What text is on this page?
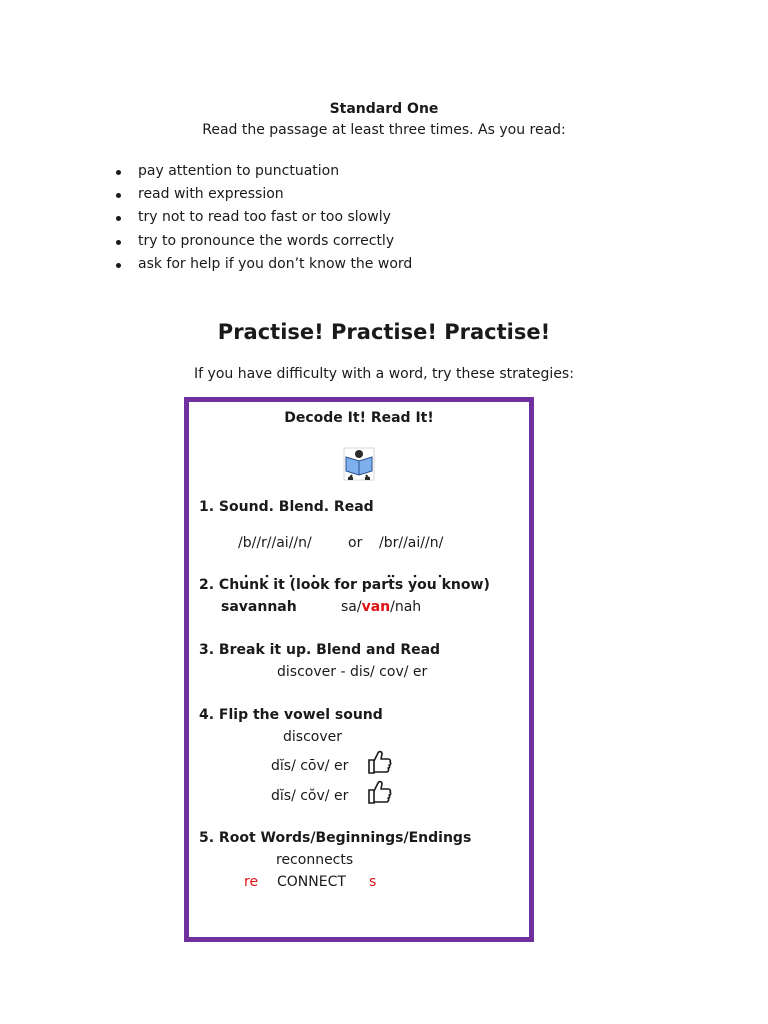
Standard One
Read the passage at least three times. As you read:
pay attention to punctuation
read with expression
try not to read too fast or too slowly
try to pronounce the words correctly
ask for help if you don’t know the word
Practise! Practise! Practise!
If you have difficulty with a word, try these strategies:
Decode It! Read It!
1. Sound. Blend. Read
/b//r//ai//n/	or /br//ai//n/
2. Chunk it (look for parts you know)
savannah	sa/van/nah
3. Break it up. Blend and Read
discover - dis/ cov/ er
4. Flip the vowel sound
discover
dĭs/ cōv/ er
dĭs/ cŏv/ er
5. Root Words/Beginnings/Endings
reconnects
re CONNECT s
